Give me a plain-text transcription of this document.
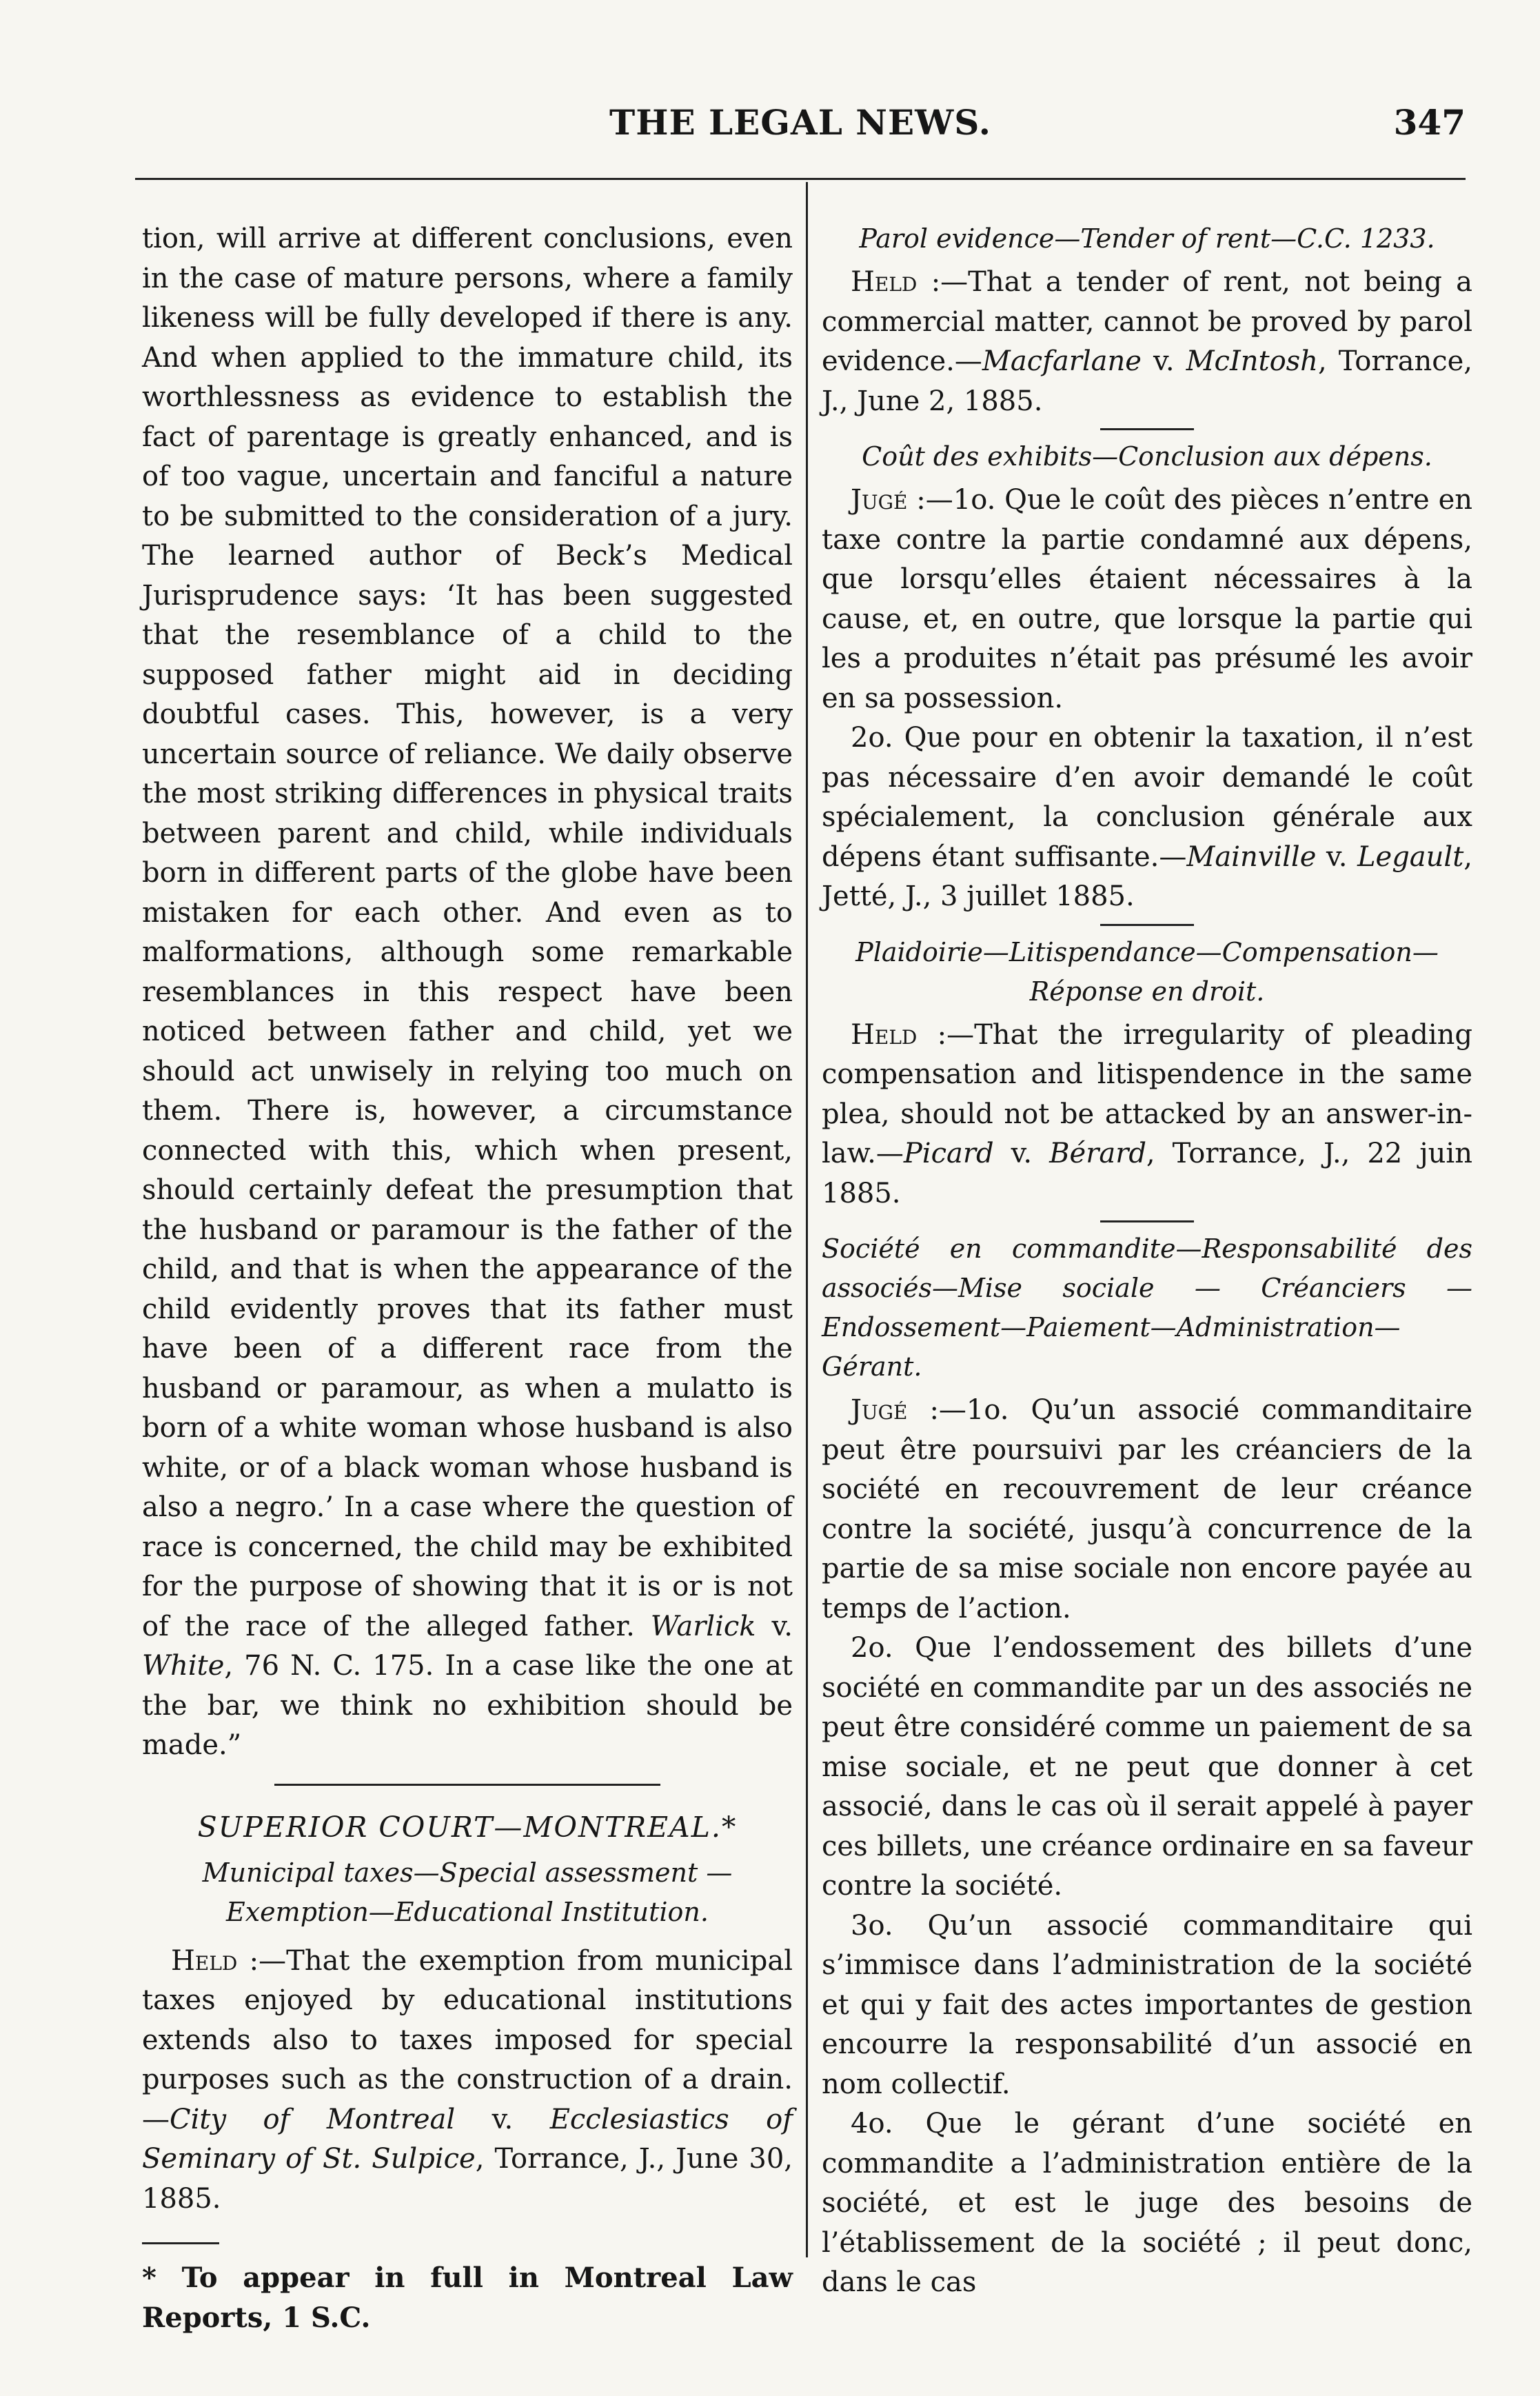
THE LEGAL NEWS.	347

tion, will arrive at different conclusions, even in the case of mature persons, where a family likeness will be fully developed if there is any. And when applied to the immature child, its worthlessness as evidence to establish the fact of parentage is greatly enhanced, and is of too vague, uncertain and fanciful a nature to be submitted to the consideration of a jury. The learned author of Beck’s Medical Jurisprudence says: ‘It has been suggested that the resemblance of a child to the supposed father might aid in deciding doubtful cases. This, however, is a very uncertain source of reliance. We daily observe the most striking differences in physical traits between parent and child, while individuals born in different parts of the globe have been mistaken for each other. And even as to malformations, although some remarkable resemblances in this respect have been noticed between father and child, yet we should act unwisely in relying too much on them. There is, however, a circumstance connected with this, which when present, should certainly defeat the presumption that the husband or paramour is the father of the child, and that is when the appearance of the child evidently proves that its father must have been of a different race from the husband or paramour, as when a mulatto is born of a white woman whose husband is also white, or of a black woman whose husband is also a negro.’ In a case where the question of race is concerned, the child may be exhibited for the purpose of showing that it is or is not of the race of the alleged father. Warlick v. White, 76 N. C. 175. In a case like the one at the bar, we think no exhibition should be made.”

SUPERIOR COURT—MONTREAL.*
Municipal taxes—Special assessment — Exemption—Educational Institution.

Held :—That the exemption from municipal taxes enjoyed by educational institutions extends also to taxes imposed for special purposes such as the construction of a drain. —City of Montreal v. Ecclesiastics of Seminary of St. Sulpice, Torrance, J., June 30, 1885.

* To appear in full in Montreal Law Reports, 1 S.C.

Parol evidence—Tender of rent—C.C. 1233.

Held :—That a tender of rent, not being a commercial matter, cannot be proved by parol evidence.—Macfarlane v. McIntosh, Torrance, J., June 2, 1885.

Coût des exhibits—Conclusion aux dépens.

Jugé :—1o. Que le coût des pièces n’entre en taxe contre la partie condamné aux dépens, que lorsqu’elles étaient nécessaires à la cause, et, en outre, que lorsque la partie qui les a produites n’était pas présumé les avoir en sa possession.

2o. Que pour en obtenir la taxation, il n’est pas nécessaire d’en avoir demandé le coût spécialement, la conclusion générale aux dépens étant suffisante.—Mainville v. Legault, Jetté, J., 3 juillet 1885.

Plaidoirie—Litispendance—Compensation—
Réponse en droit.

Held :—That the irregularity of pleading compensation and litispendence in the same plea, should not be attacked by an answer-in-law.—Picard v. Bérard, Torrance, J., 22 juin 1885.

Société en commandite—Responsabilité des associés—Mise sociale — Créanciers — Endossement—Paiement—Administration—Gérant.

Jugé :—1o. Qu’un associé commanditaire peut être poursuivi par les créanciers de la société en recouvrement de leur créance contre la société, jusqu’à concurrence de la partie de sa mise sociale non encore payée au temps de l’action.

2o. Que l’endossement des billets d’une société en commandite par un des associés ne peut être considéré comme un paiement de sa mise sociale, et ne peut que donner à cet associé, dans le cas où il serait appelé à payer ces billets, une créance ordinaire en sa faveur contre la société.

3o. Qu’un associé commanditaire qui s’immisce dans l’administration de la société et qui y fait des actes importantes de gestion encourre la responsabilité d’un associé en nom collectif.

4o. Que le gérant d’une société en commandite a l’administration entière de la société, et est le juge des besoins de l’établissement de la société ; il peut donc, dans le cas
